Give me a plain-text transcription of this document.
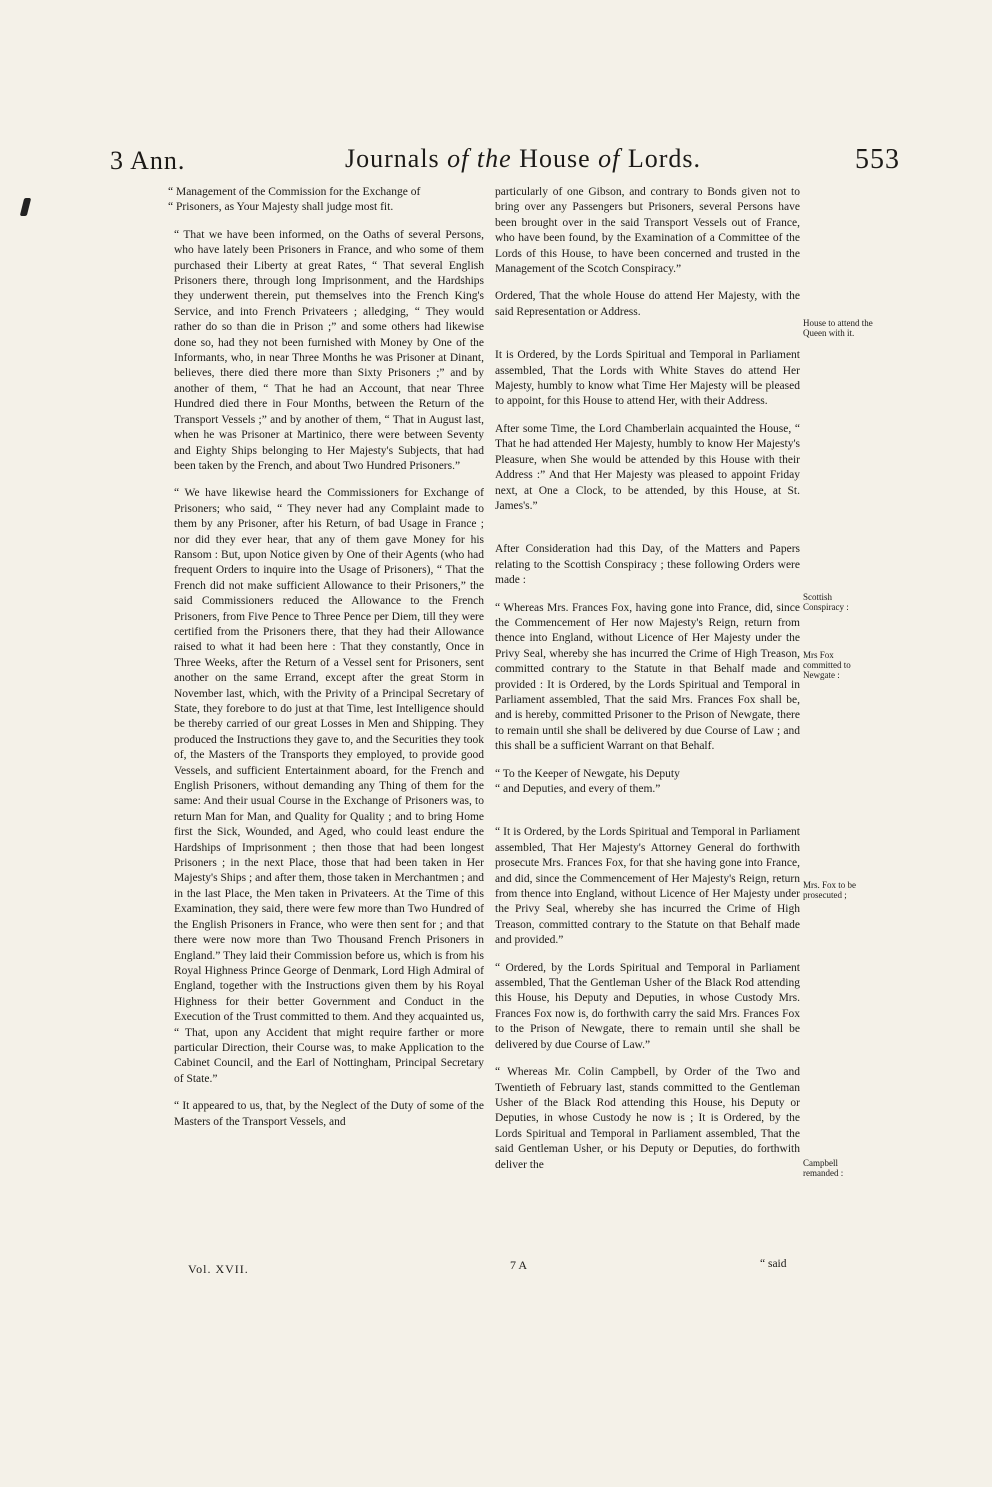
3 Ann.	Journals of the House of Lords.	553

“ Management of the Commission for the Exchange of
“ Prisoners, as Your Majesty shall judge most fit.

“ That we have been informed, on the Oaths of several Persons, who have lately been Prisoners in France, and who some of them purchased their Liberty at great Rates, “ That several English Prisoners there, through long Imprisonment, and the Hardships they underwent therein, put themselves into the French King's Service, and into French Privateers ; alledging, “ They would rather do so than die in Prison ;” and some others had likewise done so, had they not been furnished with Money by One of the Informants, who, in near Three Months he was Prisoner at Dinant, believes, there died there more than Sixty Prisoners ;” and by another of them, “ That he had an Account, that near Three Hundred died there in Four Months, between the Return of the Transport Vessels ;” and by another of them, “ That in August last, when he was Prisoner at Martinico, there were between Seventy and Eighty Ships belonging to Her Majesty's Subjects, that had been taken by the French, and about Two Hundred Prisoners.”

“ We have likewise heard the Commissioners for Exchange of Prisoners; who said, “ They never had any Complaint made to them by any Prisoner, after his Return, of bad Usage in France ; nor did they ever hear, that any of them gave Money for his Ransom : But, upon Notice given by One of their Agents (who had frequent Orders to inquire into the Usage of Prisoners), “ That the French did not make sufficient Allowance to their Prisoners,” the said Commissioners reduced the Allowance to the French Prisoners, from Five Pence to Three Pence per Diem, till they were certified from the Prisoners there, that they had their Allowance raised to what it had been here : That they constantly, Once in Three Weeks, after the Return of a Vessel sent for Prisoners, sent another on the same Errand, except after the great Storm in November last, which, with the Privity of a Principal Secretary of State, they forebore to do just at that Time, lest Intelligence should be thereby carried of our great Losses in Men and Shipping. They produced the Instructions they gave to, and the Securities they took of, the Masters of the Transports they employed, to provide good Vessels, and sufficient Entertainment aboard, for the French and English Prisoners, without demanding any Thing of them for the same: And their usual Course in the Exchange of Prisoners was, to return Man for Man, and Quality for Quality ; and to bring Home first the Sick, Wounded, and Aged, who could least endure the Hardships of Imprisonment ; then those that had been longest Prisoners ; in the next Place, those that had been taken in Her Majesty's Ships ; and after them, those taken in Merchantmen ; and in the last Place, the Men taken in Privateers. At the Time of this Examination, they said, there were few more than Two Hundred of the English Prisoners in France, who were then sent for ; and that there were now more than Two Thousand French Prisoners in England.” They laid their Commission before us, which is from his Royal Highness Prince George of Denmark, Lord High Admiral of England, together with the Instructions given them by his Royal Highness for their better Government and Conduct in the Execution of the Trust committed to them. And they acquainted us, “ That, upon any Accident that might require farther or more particular Direction, their Course was, to make Application to the Cabinet Council, and the Earl of Nottingham, Principal Secretary of State.”

“ It appeared to us, that, by the Neglect of the Duty of some of the Masters of the Transport Vessels, and

particularly of one Gibson, and contrary to Bonds given not to bring over any Passengers but Prisoners, several Persons have been brought over in the said Transport Vessels out of France, who have been found, by the Examination of a Committee of the Lords of this House, to have been concerned and trusted in the Management of the Scotch Conspiracy.”

Ordered, That the whole House do attend Her Majesty, with the said Representation or Address.

It is Ordered, by the Lords Spiritual and Temporal in Parliament assembled, That the Lords with White Staves do attend Her Majesty, humbly to know what Time Her Majesty will be pleased to appoint, for this House to attend Her, with their Address.

After some Time, the Lord Chamberlain acquainted the House, “ That he had attended Her Majesty, humbly to know Her Majesty's Pleasure, when She would be attended by this House with their Address :” And that Her Majesty was pleased to appoint Friday next, at One a Clock, to be attended, by this House, at St. James's.”

After Consideration had this Day, of the Matters and Papers relating to the Scottish Conspiracy ; these following Orders were made :

“ Whereas Mrs. Frances Fox, having gone into France, did, since the Commencement of Her now Majesty's Reign, return from thence into England, without Licence of Her Majesty under the Privy Seal, whereby she has incurred the Crime of High Treason, committed contrary to the Statute in that Behalf made and provided : It is Ordered, by the Lords Spiritual and Temporal in Parliament assembled, That the said Mrs. Frances Fox shall be, and is hereby, committed Prisoner to the Prison of Newgate, there to remain until she shall be delivered by due Course of Law ; and this shall be a sufficient Warrant on that Behalf.

“ To the Keeper of Newgate, his Deputy
“ and Deputies, and every of them.”

“ It is Ordered, by the Lords Spiritual and Temporal in Parliament assembled, That Her Majesty's Attorney General do forthwith prosecute Mrs. Frances Fox, for that she having gone into France, and did, since the Commencement of Her Majesty's Reign, return from thence into England, without Licence of Her Majesty under the Privy Seal, whereby she has incurred the Crime of High Treason, committed contrary to the Statute on that Behalf made and provided.”

“ Ordered, by the Lords Spiritual and Temporal in Parliament assembled, That the Gentleman Usher of the Black Rod attending this House, his Deputy and Deputies, in whose Custody Mrs. Frances Fox now is, do forthwith carry the said Mrs. Frances Fox to the Prison of Newgate, there to remain until she shall be delivered by due Course of Law.”

“ Whereas Mr. Colin Campbell, by Order of the Two and Twentieth of February last, stands committed to the Gentleman Usher of the Black Rod attending this House, his Deputy or Deputies, in whose Custody he now is ; It is Ordered, by the Lords Spiritual and Temporal in Parliament assembled, That the said Gentleman Usher, or his Deputy or Deputies, do forthwith deliver the

House to attend the Queen with it.
Scottish Conspiracy :
Mrs Fox committed to Newgate :
Mrs. Fox to be prosecuted ;
Campbell remanded :
Vol. XVII.	7 A	“ said
